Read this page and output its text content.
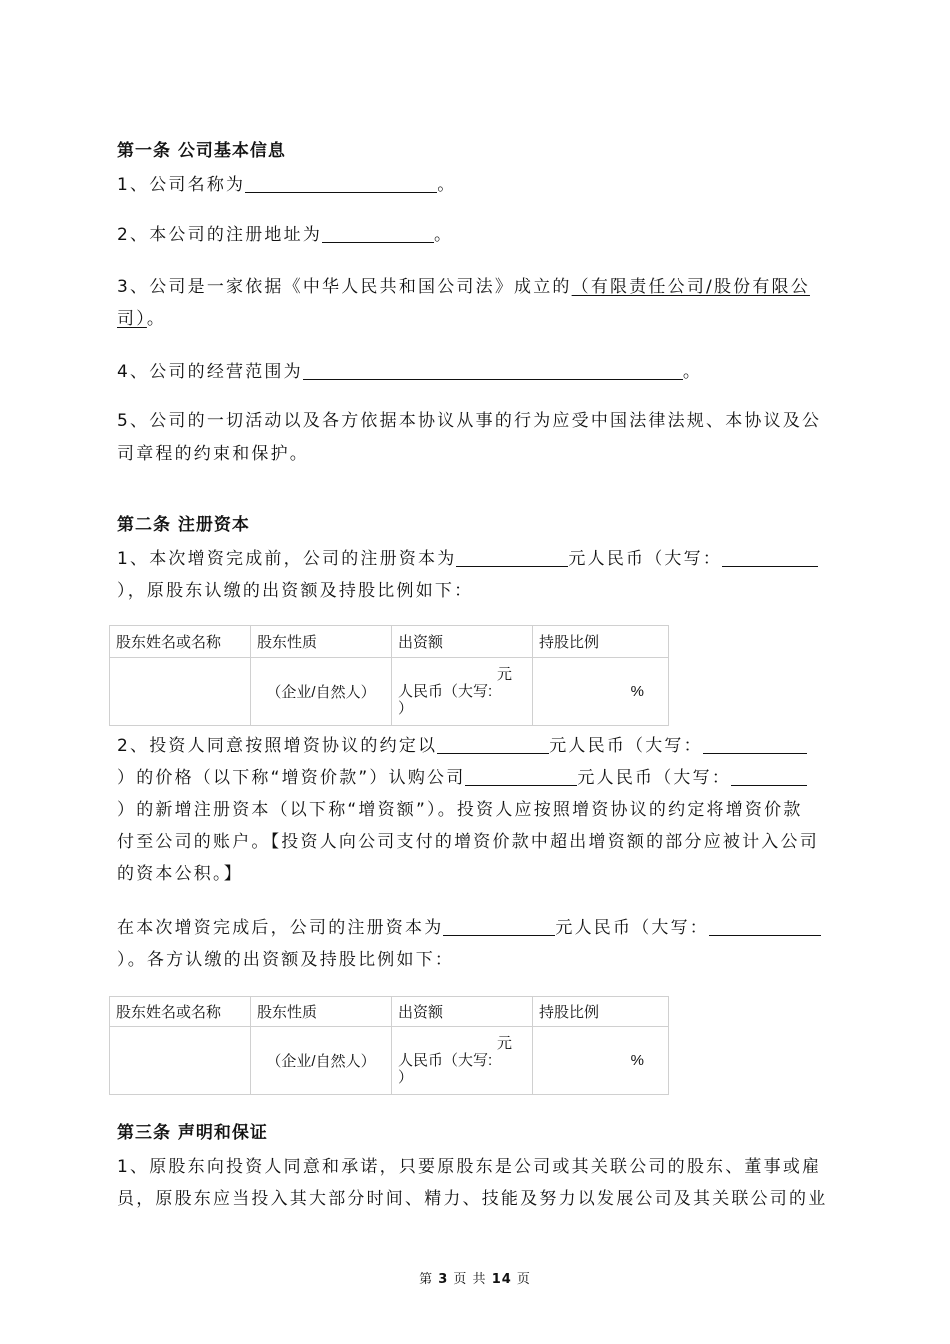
第一条 公司基本信息
1、公司名称为	。
2、本公司的注册地址为	。
3、公司是一家依据《中华人民共和国公司法》成立的（有限责任公司/股份有限公
司）。
4、公司的经营范围为	。
5、公司的一切活动以及各方依据本协议从事的行为应受中国法律法规、本协议及公
司章程的约束和保护。
第二条 注册资本
1、本次增资完成前，公司的注册资本为	元人民币（大写：
），原股东认缴的出资额及持股比例如下：
股东姓名或名称	股东性质	出资额	持股比例
	（企业/自然人）	元
人民币（大写:
）	%
2、投资人同意按照增资协议的约定以	元人民币（大写：
）的价格（以下称“增资价款”）认购公司	元人民币（大写：
）的新增注册资本（以下称“增资额”）。投资人应按照增资协议的约定将增资价款
付至公司的账户。【投资人向公司支付的增资价款中超出增资额的部分应被计入公司
的资本公积。】
在本次增资完成后，公司的注册资本为	元人民币（大写：
）。各方认缴的出资额及持股比例如下：
股东姓名或名称	股东性质	出资额	持股比例
	（企业/自然人）	元
人民币（大写:
）	%
第三条 声明和保证
1、原股东向投资人同意和承诺，只要原股东是公司或其关联公司的股东、董事或雇
员，原股东应当投入其大部分时间、精力、技能及努力以发展公司及其关联公司的业
第 3 页 共 14 页
